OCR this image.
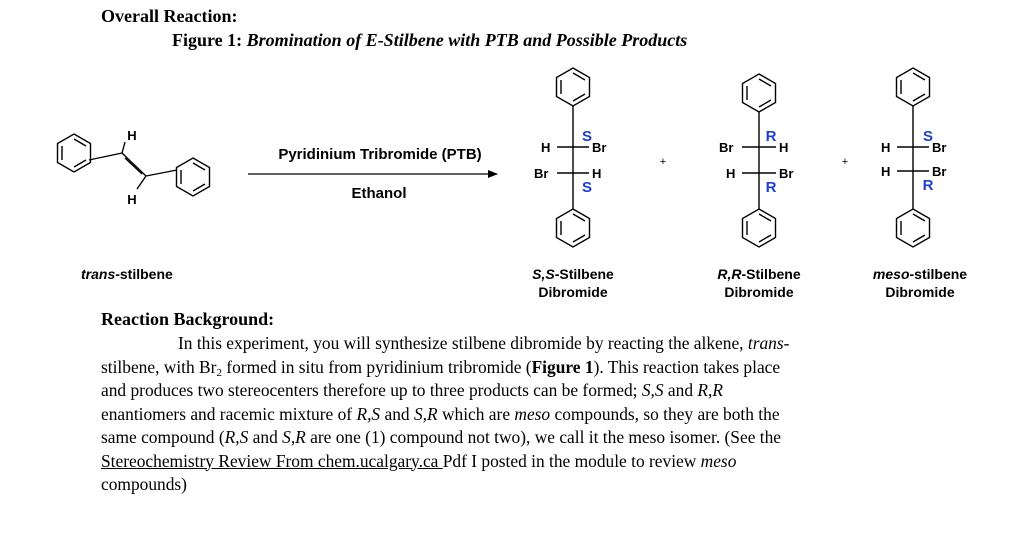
Overall Reaction:
Figure 1: Bromination of E-Stilbene with PTB and Possible Products
H
H
Pyridinium Tribromide (PTB)
Ethanol
H	Br
Br	H
S
S
+
Br	H
H	Br
R
R
+
H	Br
H	Br
S
R
trans-stilbene	S,S-Stilbene
Dibromide
R,R-Stilbene
Dibromide
meso-stilbene
Dibromide
Reaction Background:
In this experiment, you will synthesize stilbene dibromide by reacting the alkene, trans-
stilbene, with $Br_2$ formed in situ from pyridinium tribromide (Figure 1). This reaction takes place
and produces two stereocenters therefore up to three products can be formed; S,S and R,R
enantiomers and racemic mixture of R,S and S,R which are meso compounds, so they are both the
same compound (R,S and S,R are one (1) compound not two), we call it the meso isomer. (See the
Stereochemistry Review From chem.ucalgary.ca Pdf I posted in the module to review meso
compounds)
